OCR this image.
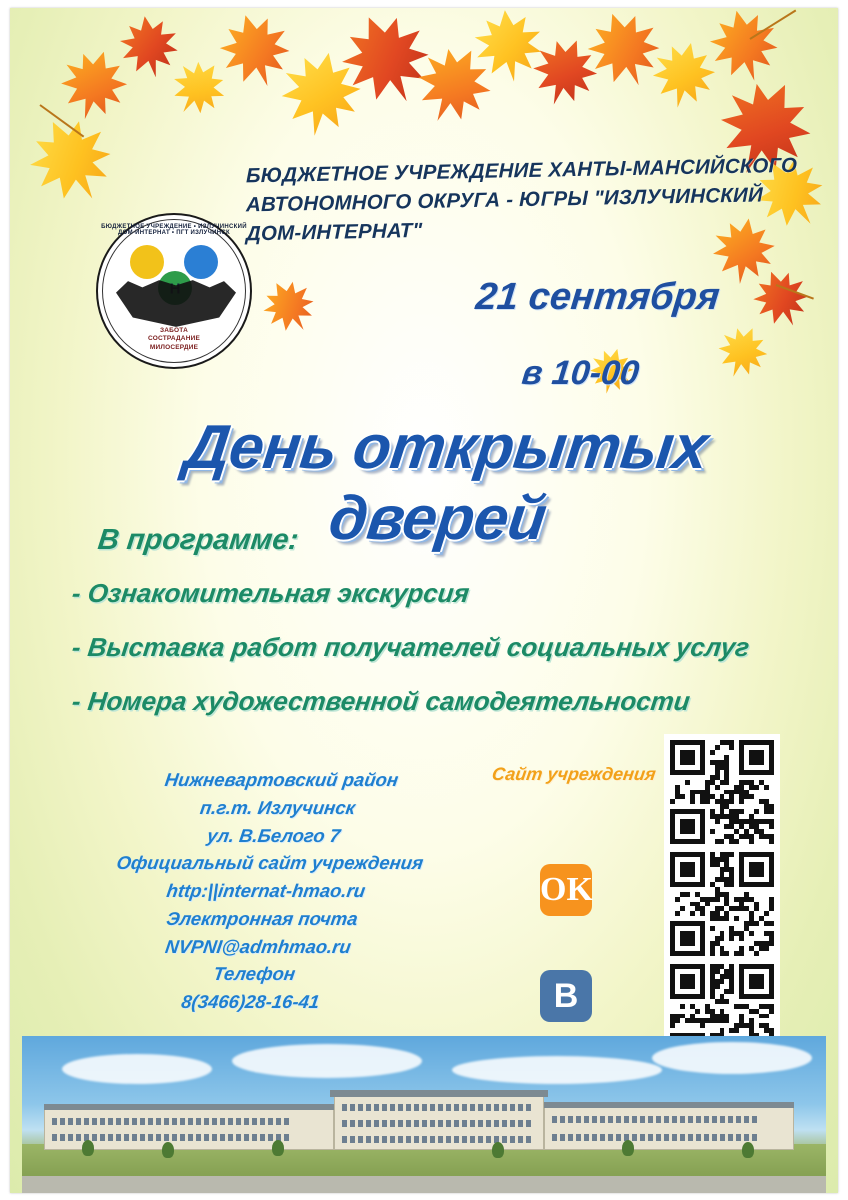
БЮДЖЕТНОЕ УЧРЕЖДЕНИЕ • ИЗЛУЧИНСКИЙ ДОМ-ИНТЕРНАТ • ПГТ ИЗЛУЧИНСК
ЗАБОТА
СОСТРАДАНИЕ
МИЛОСЕРДИЕ
БЮДЖЕТНОЕ УЧРЕЖДЕНИЕ ХАНТЫ-МАНСИЙСКОГО АВТОНОМНОГО ОКРУГА - ЮГРЫ "ИЗЛУЧИНСКИЙ ДОМ-ИНТЕРНАТ"
21 сентября
в 10-00
День открытых дверей
В программе:
- Ознакомительная экскурсия
- Выставка работ получателей социальных услуг
- Номера художественной самодеятельности
Нижневартовский район
п.г.т. Излучинск
ул. В.Белого 7
Официальный сайт учреждения
http:||internat-hmao.ru
Электронная почта
NVPNI@admhmao.ru
Телефон
8(3466)28-16-41
Сайт учреждения
OK
B
